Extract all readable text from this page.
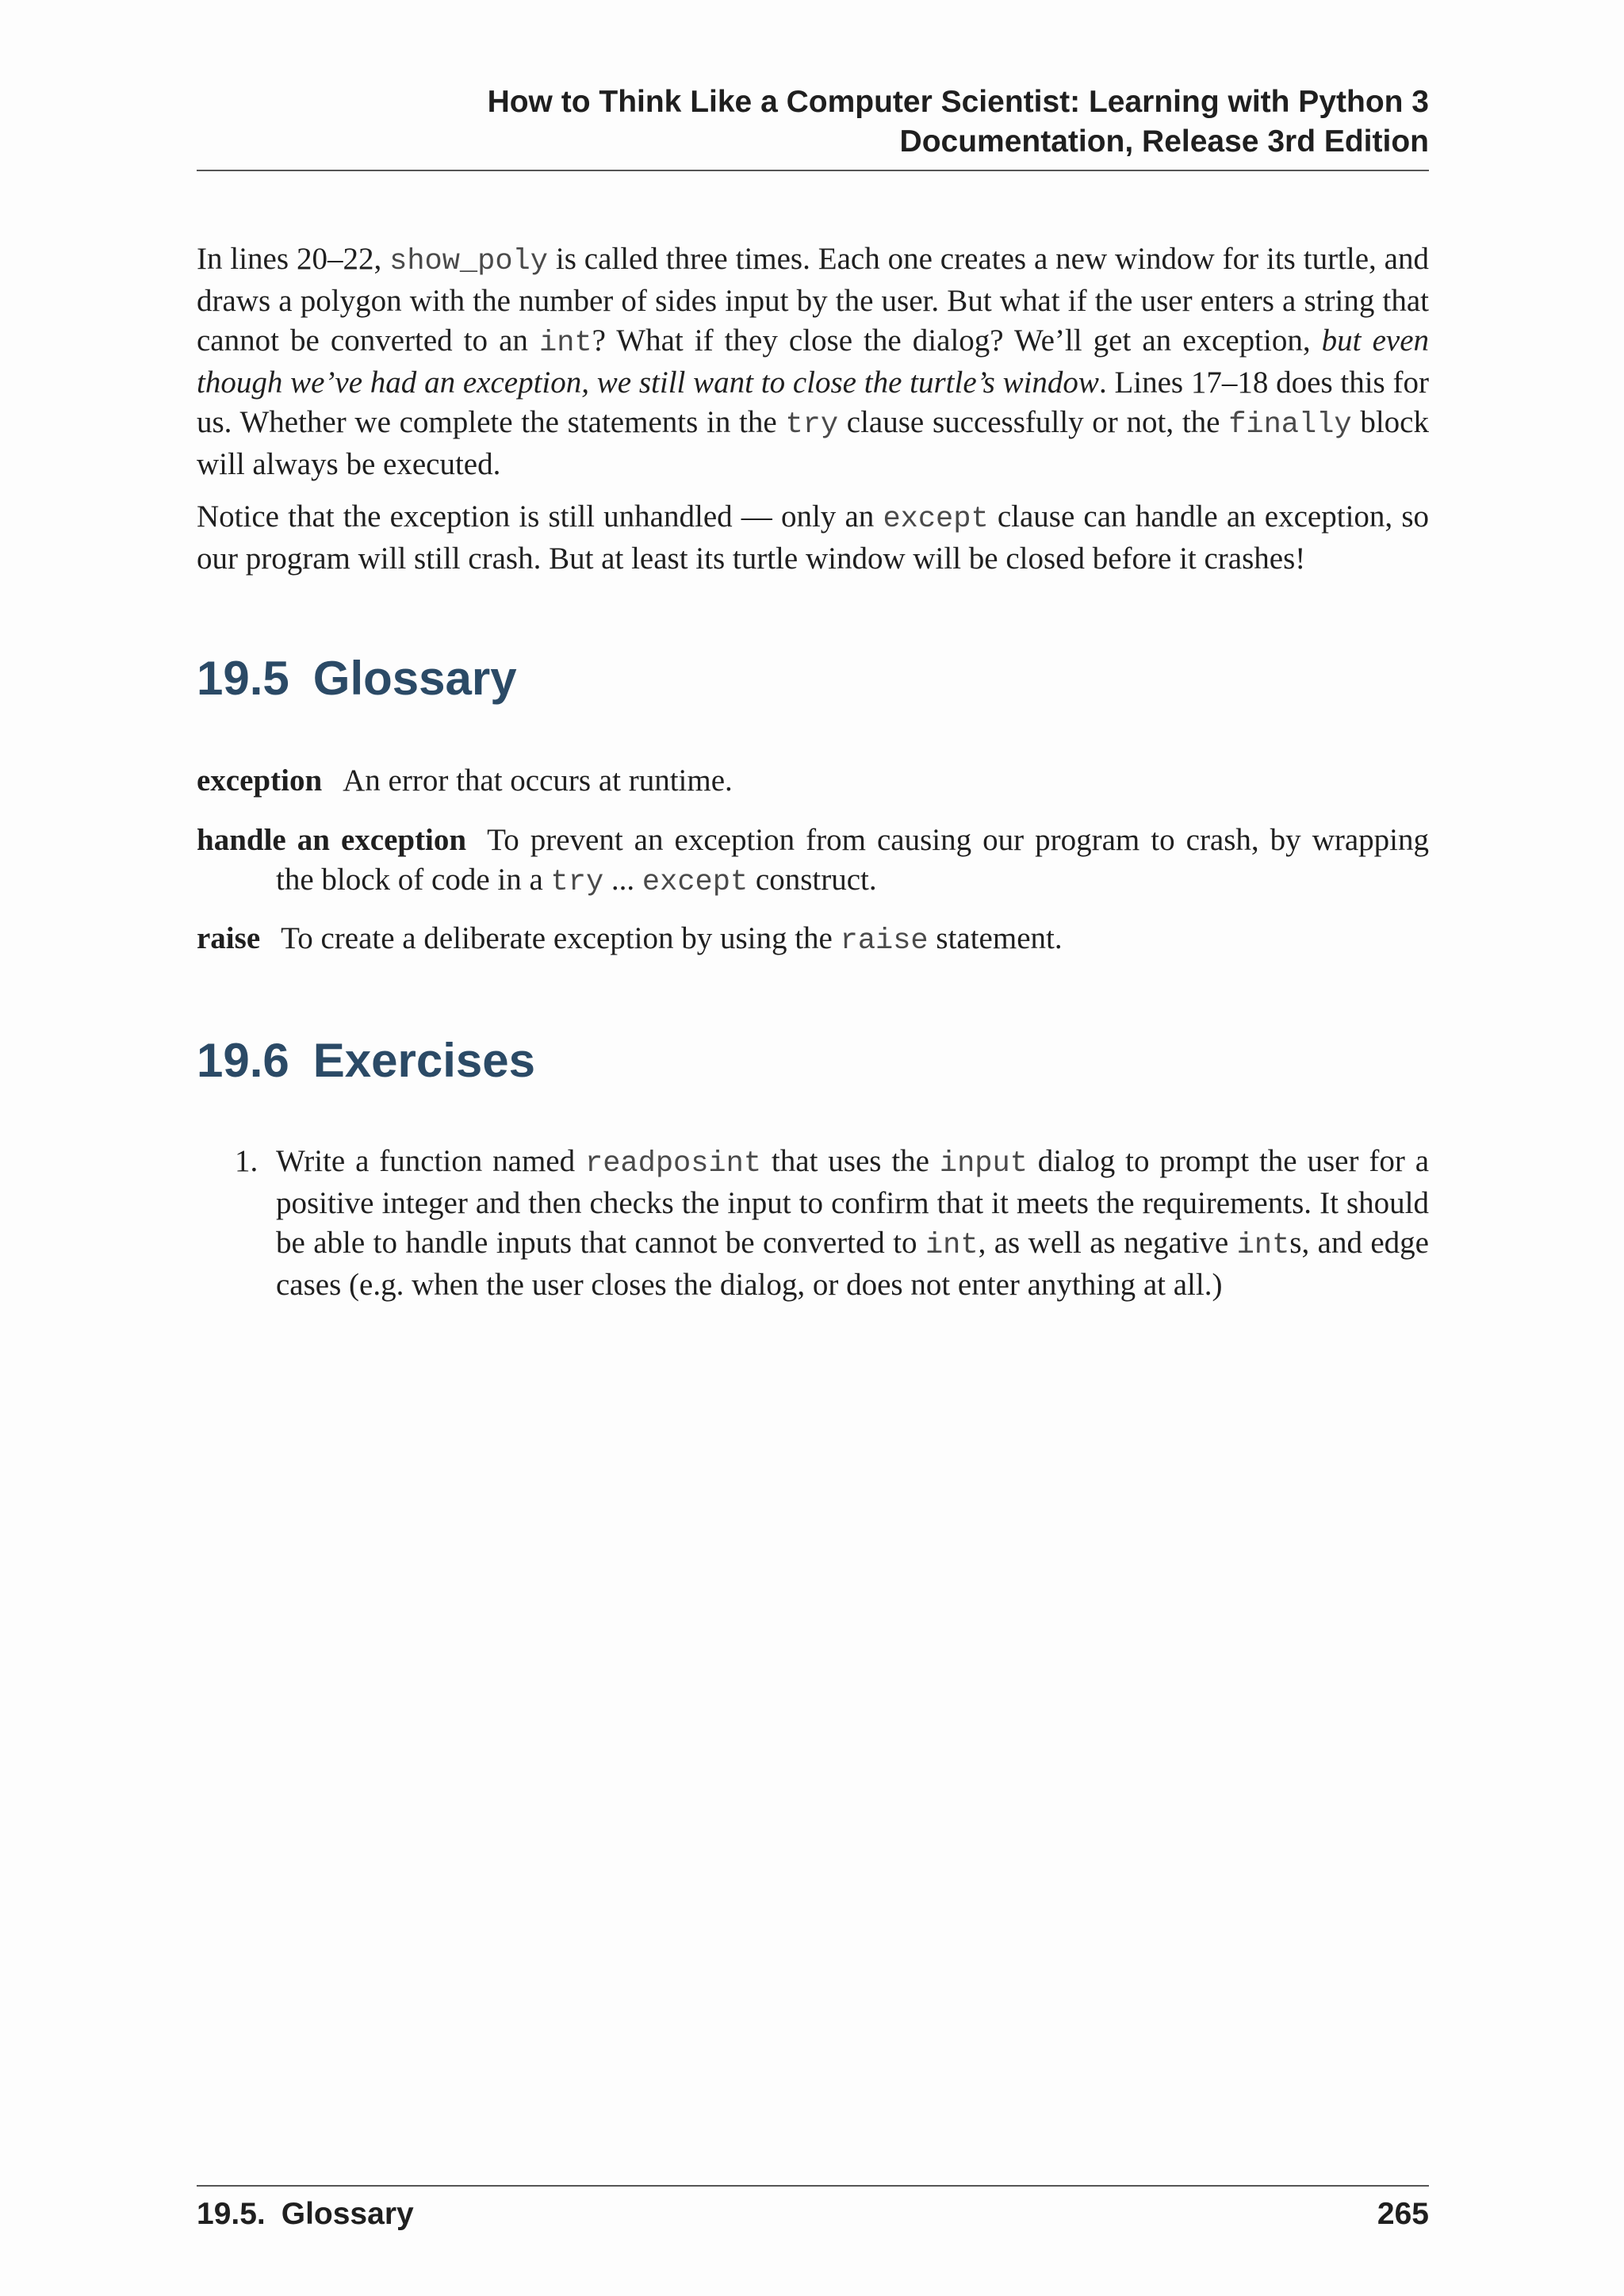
How to Think Like a Computer Scientist: Learning with Python 3
Documentation, Release 3rd Edition

In lines 20–22, show_poly is called three times. Each one creates a new window for its turtle, and draws a polygon with the number of sides input by the user. But what if the user enters a string that cannot be converted to an int? What if they close the dialog? We’ll get an exception, but even though we’ve had an exception, we still want to close the turtle’s window. Lines 17–18 does this for us. Whether we complete the statements in the try clause successfully or not, the finally block will always be executed.

Notice that the exception is still unhandled — only an except clause can handle an exception, so our program will still crash. But at least its turtle window will be closed before it crashes!

19.5 Glossary
exception An error that occurs at runtime.
handle an exception To prevent an exception from causing our program to crash, by wrapping
the block of code in a try ... except construct.
raise To create a deliberate exception by using the raise statement.
19.6 Exercises
1. Write a function named readposint that uses the input dialog to prompt the user for a positive integer and then checks the input to confirm that it meets the requirements. It should be able to handle inputs that cannot be converted to int, as well as negative ints, and edge cases (e.g. when the user closes the dialog, or does not enter anything at all.)
19.5. Glossary	265
